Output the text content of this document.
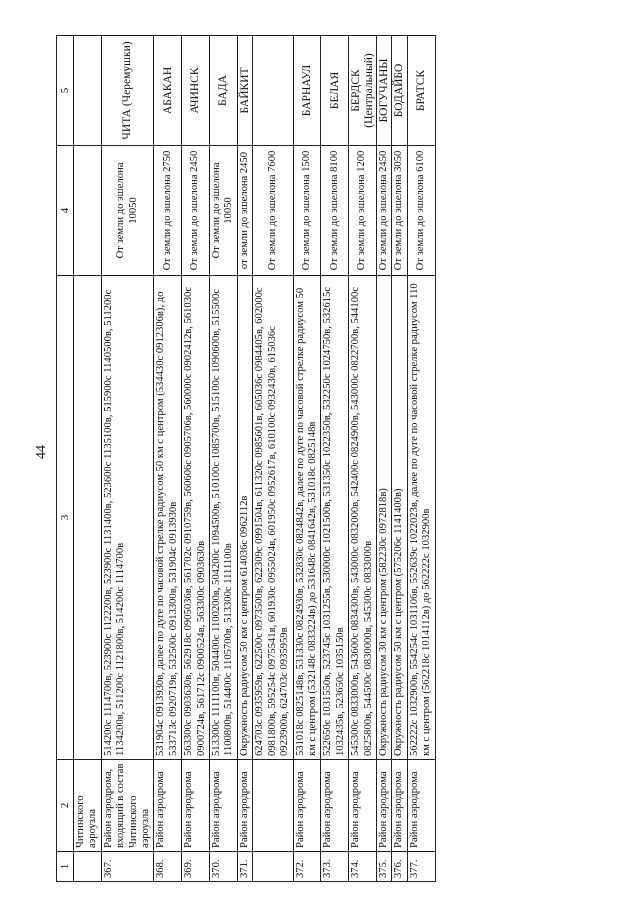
44
1	2	3	4	5
	Читинского аэроузла			
367.	Район аэродрома, входящий в состав Читинского аэроузла	514200с 1114700в, 523900с 1122200в, 523900с 1131400в, 523600с 1135100в, 515900с 1140500в, 511200с 1134200в, 511200с 1121800в, 514200с 1114700в	От земли до эшелона 10050	ЧИТА (Черемушки)
368.	Район аэродрома	531904с 0913930в, далее по дуге по часовой стрелке радиусом 50 км с центром (534430с 0912306в), до 533713с 0920719в, 532500с 0913300в, 531904с 0913930в	От земли до эшелона 2750	АБАКАН
369.	Район аэродрома	563300с 0903630в, 562918с 0905036в, 561702с 0910759в, 560606с 0905706в, 560000с 0902412в, 561030с 0900724в, 561712с 0900524в, 563300с 0903630в	От земли до эшелона 2450	АЧИНСК
370.	Район аэродрома	513300с 1111100в, 504400с 1100200в, 504200с 1094500в, 510100с 1085700в, 515100с 1090600в, 515500с 1100800в, 514400с 1105700в, 513300с 1111100в	От земли до эшелона 10050	БАДА
371.	Район аэродрома	Окружность радиусом 50 км с центром 614036с 0962112в	от земли до эшелона 2450	БАЙКИТ
		624703с 0935959в, 622500с 0973500в, 622309с 0991504в, 611320с 0985601в, 605036с 0984405в, 602000с 0981800в, 595254с 0975541в, 601930с 0955024в, 601950с 0952617в, 610100с 0932430в, 615036с 0923900в, 624703с 0935959в	От земли до эшелона 7600	
372.	Район аэродрома	531018с 0825148в, 531330с 0824930в, 532830с 0824842в, далее по дуге по часовой стрелке радиусом 50 км с центром (532148с 0833224в) до 531648с 0841642в, 531018с 0825148в	От земли до эшелона 1500	БАРНАУЛ
373.	Район аэродрома	522650с 1031550в, 523745с 1031255в, 530000с 1021500в, 531350с 1022350в, 532250с 1024750в, 532615с 1032435в, 523650с 1035150в	От земли до эшелона 8100	БЕЛАЯ
374.	Район аэродрома	545300с 0833000в, 543600с 0834300в, 543000с 0832000в, 542400с 0824900в, 543000с 0822700в, 544100с 0825800в, 544500с 0830000в, 545300с 0833000в	От земли до эшелона 1200	БЕРДСК (Центральный)
375.	Район аэродрома	Окружность радиусом 30 км с центром (582230с 0972818в)	От земли до эшелона 2450	БОГУЧАНЫ
376.	Район аэродрома	Окружность радиусом 50 км с центром (575206с 1141400в)	От земли до эшелона 3050	БОДАЙБО
377.	Район аэродрома	562222с 1032900в, 554254с 1031106в, 552639с 1022023в, далее по дуге по часовой стрелке радиусом 110 км с центром (562218с 1014112в) до 562222с 1032900в	От земли до эшелона 6100	БРАТСК
